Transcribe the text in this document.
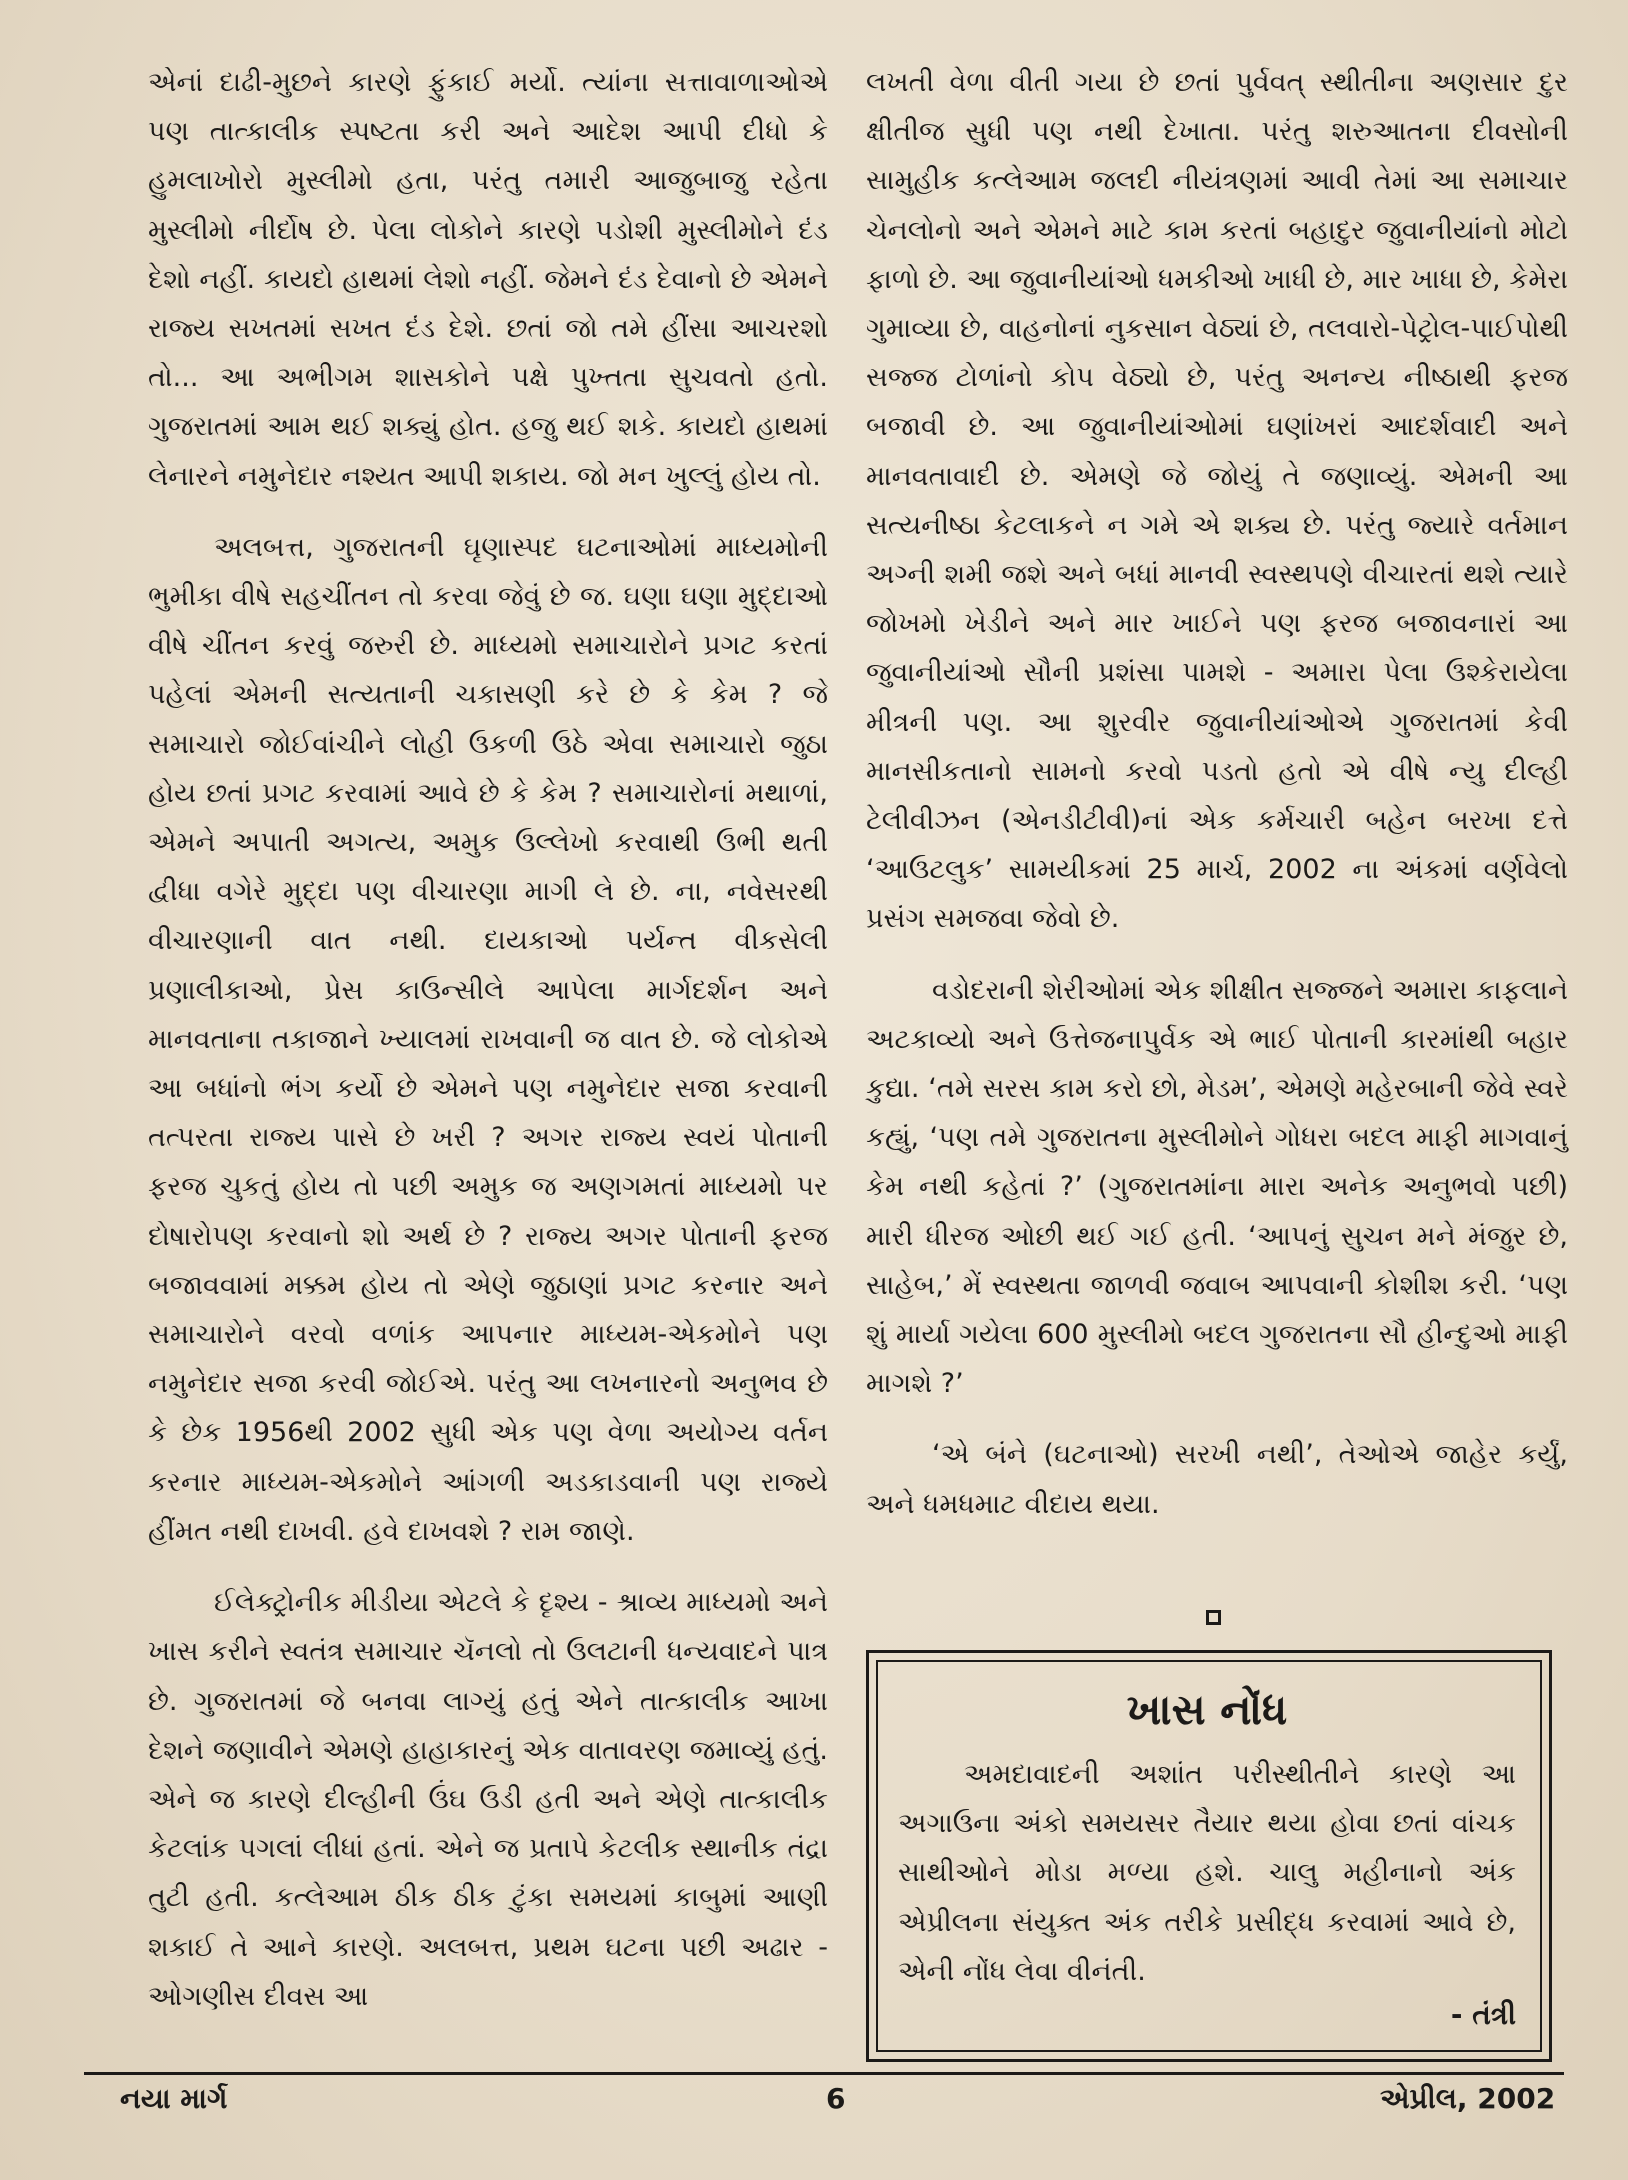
એનાં દાઢી-મુછને કારણે ફુંકાઈ મર્યો. ત્યાંના સત્તાવાળાઓએ પણ તાત્કાલીક સ્પષ્ટતા કરી અને આદેશ આપી દીધો કે હુમલાખોરો મુસ્લીમો હતા, પરંતુ તમારી આજુબાજુ રહેતા મુસ્લીમો નીર્દોષ છે. પેલા લોકોને કારણે પડોશી મુસ્લીમોને દંડ દેશો નહીં. કાયદો હાથમાં લેશો નહીં. જેમને દંડ દેવાનો છે એમને રાજ્ય સખતમાં સખત દંડ દેશે. છતાં જો તમે હીંસા આચરશો તો... આ અભીગમ શાસકોને પક્ષે પુખ્તતા સુચવતો હતો. ગુજરાતમાં આમ થઈ શક્યું હોત. હજુ થઈ શકે. કાયદો હાથમાં લેનારને નમુનેદાર નશ્યત આપી શકાય. જો મન ખુલ્લું હોય તો.

અલબત્ત, ગુજરાતની ઘૃણાસ્પદ ઘટનાઓમાં માધ્યમોની ભુમીકા વીષે સહચીંતન તો કરવા જેવું છે જ. ઘણા ઘણા મુદ્દાઓ વીષે ચીંતન કરવું જરુરી છે. માધ્યમો સમાચારોને પ્રગટ કરતાં પહેલાં એમની સત્યતાની ચકાસણી કરે છે કે કેમ ? જે સમાચારો જોઈવાંચીને લોહી ઉકળી ઉઠે એવા સમાચારો જુઠા હોય છતાં પ્રગટ કરવામાં આવે છે કે કેમ ? સમાચારોનાં મથાળાં, એમને અપાતી અગત્ય, અમુક ઉલ્લેખો કરવાથી ઉભી થતી દ્વીધા વગેરે મુદ્દા પણ વીચારણા માગી લે છે. ના, નવેસરથી વીચારણાની વાત નથી. દાયકાઓ પર્યન્ત વીકસેલી પ્રણાલીકાઓ, પ્રેસ કાઉન્સીલે આપેલા માર્ગદર્શન અને માનવતાના તકાજાને ખ્યાલમાં રાખવાની જ વાત છે. જે લોકોએ આ બધાંનો ભંગ કર્યો છે એમને પણ નમુનેદાર સજા કરવાની તત્પરતા રાજ્ય પાસે છે ખરી ? અગર રાજ્ય સ્વયં પોતાની ફરજ ચુકતું હોય તો પછી અમુક જ અણગમતાં માધ્યમો પર દોષારોપણ કરવાનો શો અર્થ છે ? રાજ્ય અગર પોતાની ફરજ બજાવવામાં મક્કમ હોય તો એણે જુઠાણાં પ્રગટ કરનાર અને સમાચારોને વરવો વળાંક આપનાર માધ્યમ-એકમોને પણ નમુનેદાર સજા કરવી જોઈએ. પરંતુ આ લખનારનો અનુભવ છે કે છેક 1956થી 2002 સુધી એક પણ વેળા અયોગ્ય વર્તન કરનાર માધ્યમ-એકમોને આંગળી અડકાડવાની પણ રાજ્યે હીંમત નથી દાખવી. હવે દાખવશે ? રામ જાણે.

ઈલેક્ટ્રોનીક મીડીયા એટલે કે દૃશ્ય - શ્રાવ્ય માધ્યમો અને ખાસ કરીને સ્વતંત્ર સમાચાર ચૅનલો તો ઉલટાની ધન્યવાદને પાત્ર છે. ગુજરાતમાં જે બનવા લાગ્યું હતું એને તાત્કાલીક આખા દેશને જણાવીને એમણે હાહાકારનું એક વાતાવરણ જમાવ્યું હતું. એને જ કારણે દીલ્હીની ઉંઘ ઉડી હતી અને એણે તાત્કાલીક કેટલાંક પગલાં લીધાં હતાં. એને જ પ્રતાપે કેટલીક સ્થાનીક તંદ્રા તુટી હતી. કત્લેઆમ ઠીક ઠીક ટુંકા સમયમાં કાબુમાં આણી શકાઈ તે આને કારણે. અલબત્ત, પ્રથમ ઘટના પછી અઢાર - ઓગણીસ દીવસ આ

લખતી વેળા વીતી ગયા છે છતાં પુર્વવત્ સ્થીતીના અણસાર દુર ક્ષીતીજ સુધી પણ નથી દેખાતા. પરંતુ શરુઆતના દીવસોની સામુહીક કત્લેઆમ જલદી નીયંત્રણમાં આવી તેમાં આ સમાચાર ચેનલોનો અને એમને માટે કામ કરતાં બહાદુર જુવાનીયાંનો મોટો ફાળો છે. આ જુવાનીયાંઓ ધમકીઓ ખાધી છે, માર ખાધા છે, કેમેરા ગુમાવ્યા છે, વાહનોનાં નુકસાન વેઠ્યાં છે, તલવારો-પેટ્રોલ-પાઈપોથી સજ્જ ટોળાંનો કોપ વેઠ્યો છે, પરંતુ અનન્ય નીષ્ઠાથી ફરજ બજાવી છે. આ જુવાનીયાંઓમાં ઘણાંખરાં આદર્શવાદી અને માનવતાવાદી છે. એમણે જે જોયું તે જણાવ્યું. એમની આ સત્યનીષ્ઠા કેટલાકને ન ગમે એ શક્ય છે. પરંતુ જ્યારે વર્તમાન અગ્ની શમી જશે અને બધાં માનવી સ્વસ્થપણે વીચારતાં થશે ત્યારે જોખમો ખેડીને અને માર ખાઈને પણ ફરજ બજાવનારાં આ જુવાનીયાંઓ સૌની પ્રશંસા પામશે - અમારા પેલા ઉશ્કેરાયેલા મીત્રની પણ. આ શુરવીર જુવાનીયાંઓએ ગુજરાતમાં કેવી માનસીકતાનો સામનો કરવો પડતો હતો એ વીષે ન્યુ દીલ્હી ટેલીવીઝન (એનડીટીવી)નાં એક કર્મચારી બહેન બરખા દત્તે ‘આઉટલુક’ સામયીકમાં 25 માર્ચ, 2002 ના અંકમાં વર્ણવેલો પ્રસંગ સમજવા જેવો છે.

વડોદરાની શેરીઓમાં એક શીક્ષીત સજ્જને અમારા કાફલાને અટકાવ્યો અને ઉત્તેજનાપુર્વક એ ભાઈ પોતાની કારમાંથી બહાર કુદ્યા. ‘તમે સરસ કામ કરો છો, મેડમ’, એમણે મહેરબાની જેવે સ્વરે કહ્યું, ‘પણ તમે ગુજરાતના મુસ્લીમોને ગોધરા બદલ માફી માગવાનું કેમ નથી કહેતાં ?’ (ગુજરાતમાંના મારા અનેક અનુભવો પછી) મારી ધીરજ ઓછી થઈ ગઈ હતી. ‘આપનું સુચન મને મંજુર છે, સાહેબ,’ મેં સ્વસ્થતા જાળવી જવાબ આપવાની કોશીશ કરી. ‘પણ શું માર્યા ગયેલા 600 મુસ્લીમો બદલ ગુજરાતના સૌ હીન્દુઓ માફી માગશે ?’

‘એ બંને (ઘટનાઓ) સરખી નથી’, તેઓએ જાહેર કર્યું, અને ધમધમાટ વીદાય થયા.

ખાસ નોંધ

અમદાવાદની અશાંત પરીસ્થીતીને કારણે આ અગાઉના અંકો સમયસર તૈયાર થયા હોવા છતાં વાંચક સાથીઓને મોડા મળ્યા હશે. ચાલુ મહીનાનો અંક એપ્રીલના સંયુક્ત અંક તરીકે પ્રસીદ્ધ કરવામાં આવે છે, એની નોંધ લેવા વીનંતી.

- તંત્રી
નયા માર્ગ	6	એપ્રીલ, 2002
